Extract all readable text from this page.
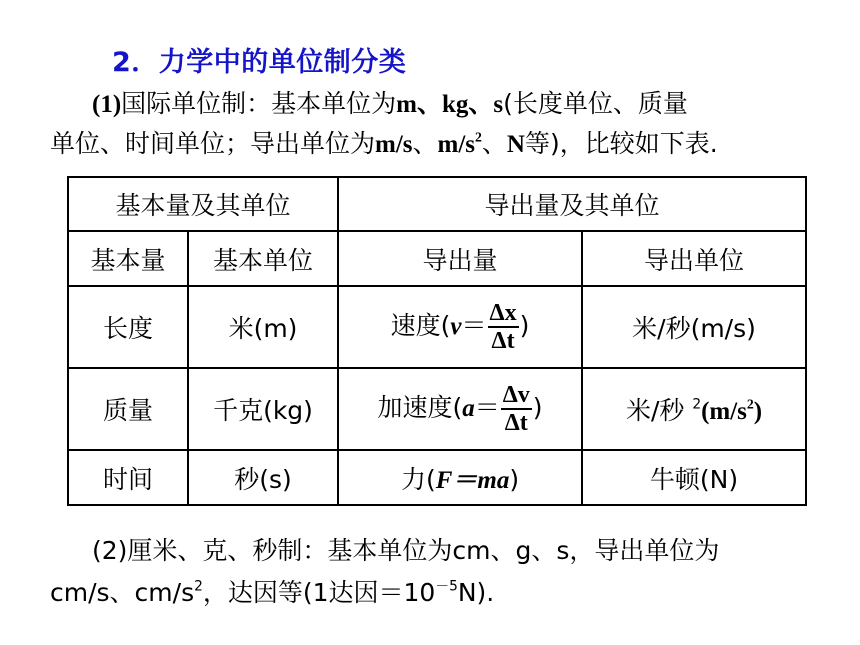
2．力学中的单位制分类
(1)国际单位制：基本单位为m、kg、s(长度单位、质量
单位、时间单位；导出单位为m/s、$m/s^2$、N等)，比较如下表.
基本量及其单位		导出量及其单位	
基本量	基本单位	导出量	导出单位
长度	米(m)	速度($v= \frac{\Delta x}{\Delta t}$ )	米/秒(m/s)
质量	千克(kg)	加速度($a= \frac{\Delta v}{\Delta t}$ )	米/秒 $^2(m/s^2)$
时间	秒(s)	力(F＝ma)	牛顿(N)
(2)厘米、克、秒制：基本单位为cm、g、s，导出单位为
cm/s、$cm/s^2$，达因等(1达因$=10^{-5}N$).
